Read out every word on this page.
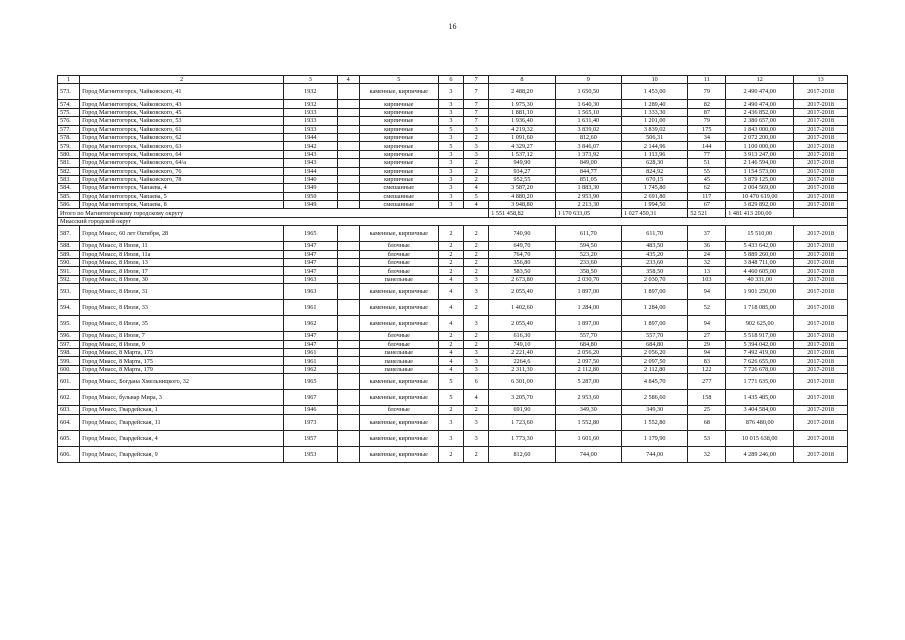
16
1	2	3	4	5	6	7	8	9	10	11	12	13
573.	Город Магнитогорск, Чайковского, 41	1932		каменные, кирпичные	3	7	2 488,20	1 650,50	1 453,00	79	2 490 474,00	2017-2018
574.	Город Магнитогорск, Чайковского, 43	1932		кирпичные	3	7	1 975,30	1 640,30	1 289,40	82	2 490 474,00	2017-2018
575.	Город Магнитогорск, Чайковского, 45	1933		кирпичные	3	7	1 881,10	1 565,10	1 333,30	87	2 436 852,00	2017-2018
576.	Город Магнитогорск, Чайковского, 53	1933		кирпичные	3	7	1 936,40	1 631,40	1 201,00	79	2 380 657,00	2017-2018
577.	Город Магнитогорск, Чайковского, 61	1933		кирпичные	5	3	4 219,32	3 839,02	3 839,02	175	1 843 000,00	2017-2018
578.	Город Магнитогорск, Чайковского, 62	1944		кирпичные	3	2	1 091,60	812,60	506,31	34	2 072 200,00	2017-2018
579.	Город Магнитогорск, Чайковского, 63	1942		кирпичные	5	3	4 329,27	3 846,07	2 144,96	144	1 100 000,00	2017-2018
580.	Город Магнитогорск, Чайковского, 64	1943		кирпичные	3	3	1 537,12	1 373,92	1 113,96	77	3 913 247,00	2017-2018
581.	Город Магнитогорск, Чайковского, 64/а	1943		кирпичные	3	2	949,90	849,00	628,30	51	2 146 594,00	2017-2018
582.	Город Магнитогорск, Чайковского, 76	1944		кирпичные	3	2	934,27	844,77	824,92	55	1 154 573,00	2017-2018
583.	Город Магнитогорск, Чайковского, 78	1940		кирпичные	3	2	952,55	851,05	670,15	45	3 879 125,00	2017-2018
584.	Город Магнитогорск, Чапаева, 4	1949		смешанные	3	4	3 587,20	1 883,30	1 745,80	62	2 004 569,00	2017-2018
585.	Город Магнитогорск, Чапаева, 5	1950		смешанные	3	5	4 880,20	2 953,90	2 691,80	117	10 470 619,00	2017-2018
586.	Город Магнитогорск, Чапаева, 8	1949		смешанные	3	4	3 948,80	2 213,30	1 994,50	67	3 829 892,00	2017-2018
Итого по Магнитогорскому городскому округу							1 551 458,82	1 170 633,05	1 027 450,31	52 521	1 481 413 200,00	
Миасский городской округ												
587.	Город Миасс, 60 лет Октября, 28	1965		каменные, кирпичные	2	2	740,90	611,70	611,70	37	15 510,00	2017-2018
588.	Город Миасс, 8 Июля, 11	1947		блочные	2	2	649,70	594,50	483,50	36	5 433 642,00	2017-2018
589.	Город Миасс, 8 Июля, 11а	1947		блочные	2	2	764,70	523,20	435,20	24	5 889 260,00	2017-2018
590.	Город Миасс, 8 Июля, 13	1947		блочные	2	2	356,80	233,60	233,60	32	3 848 711,00	2017-2018
591.	Город Миасс, 8 Июля, 17	1947		блочные	2	2	583,50	358,50	358,50	13	4 460 605,00	2017-2018
592.	Город Миасс, 8 Июля, 30	1963		панельные	4	3	2 673,80	2 030,70	2 030,70	103	40 331,00	2017-2018
593.	Город Миасс, 8 Июля, 31	1963		каменные, кирпичные	4	3	2 055,40	1 897,00	1 897,00	94	1 901 250,00	2017-2018
594.	Город Миасс, 8 Июля, 33	1961		каменные, кирпичные	4	2	1 402,60	1 284,00	1 284,00	52	1 718 085,00	2017-2018
595.	Город Миасс, 8 Июля, 35	1962		каменные, кирпичные	4	3	2 055,40	1 897,00	1 897,00	94	902 625,00	2017-2018
596.	Город Миасс, 8 Июля, 7	1947		блочные	2	2	616,30	557,70	557,70	27	5 518 917,00	2017-2018
597.	Город Миасс, 8 Июля, 9	1947		блочные	2	2	749,10	684,80	684,80	29	5 394 042,00	2017-2018
598.	Город Миасс, 8 Марта, 173	1961		панельные	4	3	2 221,40	2 056,20	2 056,20	94	7 492 419,00	2017-2018
599.	Город Миасс, 8 Марта, 175	1961		панельные	4	3	2264,6	2 097,50	2 097,50	83	7 626 655,00	2017-2018
600.	Город Миасс, 8 Марта, 179	1962		панельные	4	3	2 311,30	2 112,80	2 112,80	122	7 726 678,00	2017-2018
601.	Город Миасс, Богдана Хмельницкого, 32	1965		каменные, кирпичные	5	6	6 301,00	5 287,00	4 845,70	277	1 771 635,00	2017-2018
602.	Город Миасс, бульвар Мира, 3	1967		каменные, кирпичные	5	4	3 205,70	2 953,60	2 586,60	158	1 435 485,00	2017-2018
603.	Город Миасс, Гвардейская, 1	1946		блочные	2	2	691,90	349,30	349,30	25	3 404 584,00	2017-2018
604.	Город Миасс, Гвардейская, 11	1973		каменные, кирпичные	3	3	1 723,60	1 552,80	1 552,80	68	876 480,00	2017-2018
605.	Город Миасс, Гвардейская, 4	1957		каменные, кирпичные	3	3	1 773,30	1 601,60	1 179,90	53	10 015 638,00	2017-2018
606.	Город Миасс, Гвардейская, 9	1953		каменные, кирпичные	2	2	812,60	744,00	744,00	32	4 289 246,00	2017-2018
